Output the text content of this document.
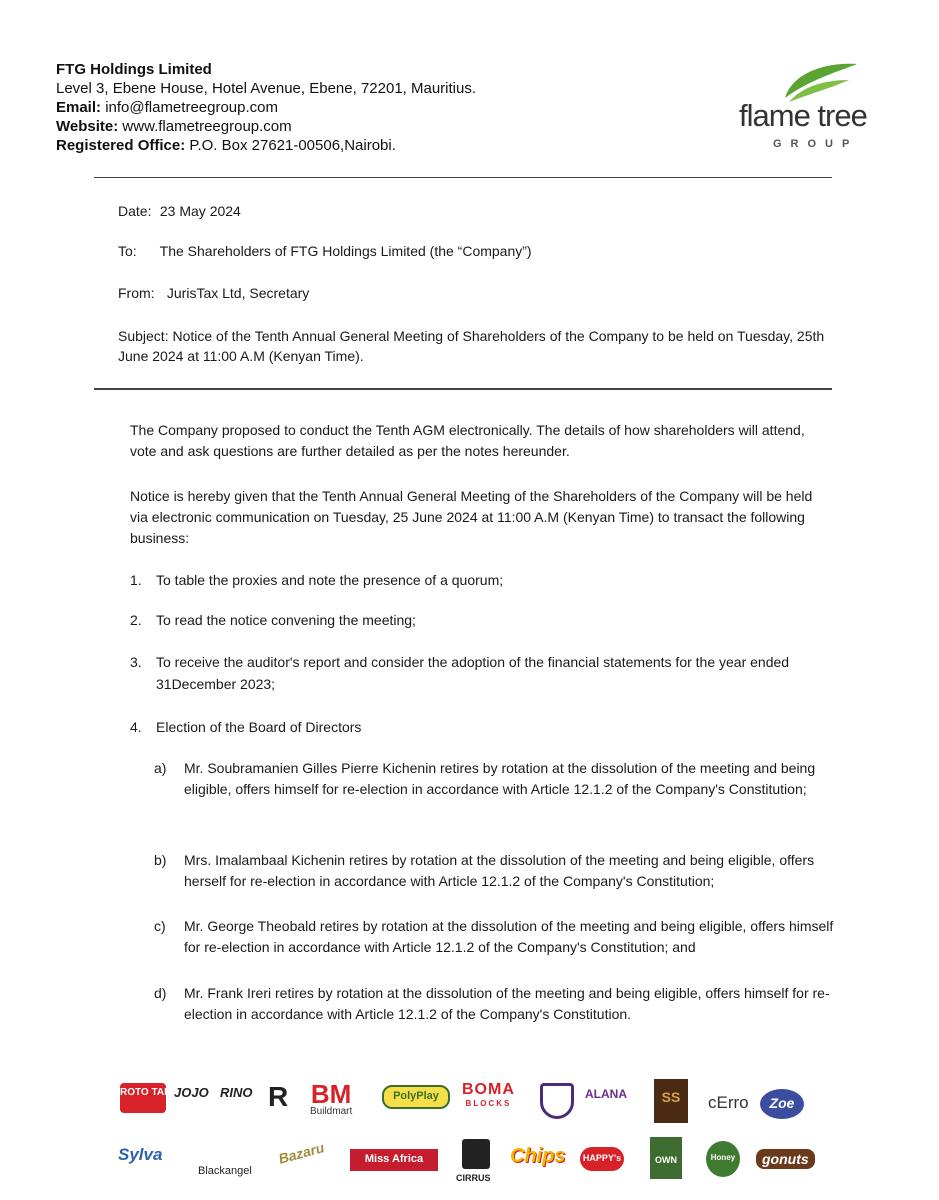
FTG Holdings Limited
Level 3, Ebene House, Hotel Avenue, Ebene, 72201, Mauritius.
Email: info@flametreegroup.com
Website: www.flametreegroup.com
Registered Office: P.O. Box 27621-00506,Nairobi.
flame tree
GROUP
Date: 23 May 2024
To: The Shareholders of FTG Holdings Limited (the “Company”)
From: JurisTax Ltd, Secretary
Subject: Notice of the Tenth Annual General Meeting of Shareholders of the Company to be held on Tuesday, 25th June 2024 at 11:00 A.M (Kenyan Time).
The Company proposed to conduct the Tenth AGM electronically. The details of how shareholders will attend, vote and ask questions are further detailed as per the notes hereunder.
Notice is hereby given that the Tenth Annual General Meeting of the Shareholders of the Company will be held via electronic communication on Tuesday, 25 June 2024 at 11:00 A.M (Kenyan Time) to transact the following business:
1. To table the proxies and note the presence of a quorum;
2. To read the notice convening the meeting;
3. To receive the auditor's report and consider the adoption of the financial statements for the year ended 31December 2023;
4. Election of the Board of Directors
a) Mr. Soubramanien Gilles Pierre Kichenin retires by rotation at the dissolution of the meeting and being eligible, offers himself for re-election in accordance with Article 12.1.2 of the Company's Constitution;
b) Mrs. Imalambaal Kichenin retires by rotation at the dissolution of the meeting and being eligible, offers herself for re-election in accordance with Article 12.1.2 of the Company's Constitution;
c) Mr. George Theobald retires by rotation at the dissolution of the meeting and being eligible, offers himself for re-election in accordance with Article 12.1.2 of the Company's Constitution; and
d) Mr. Frank Ireri retires by rotation at the dissolution of the meeting and being eligible, offers himself for re-election in accordance with Article 12.1.2 of the Company's Constitution.
ROTO TANKS
JOJO RINO R BM
Buildmart
PolyPlay	BOMA
BLOCKS
ALANA	SS	cErro	Zoe
Sylva
Blackangel
Bazaru	Miss Africa
CIRRUS
Chips	HAPPY's	OWN	Honey	gonuts
